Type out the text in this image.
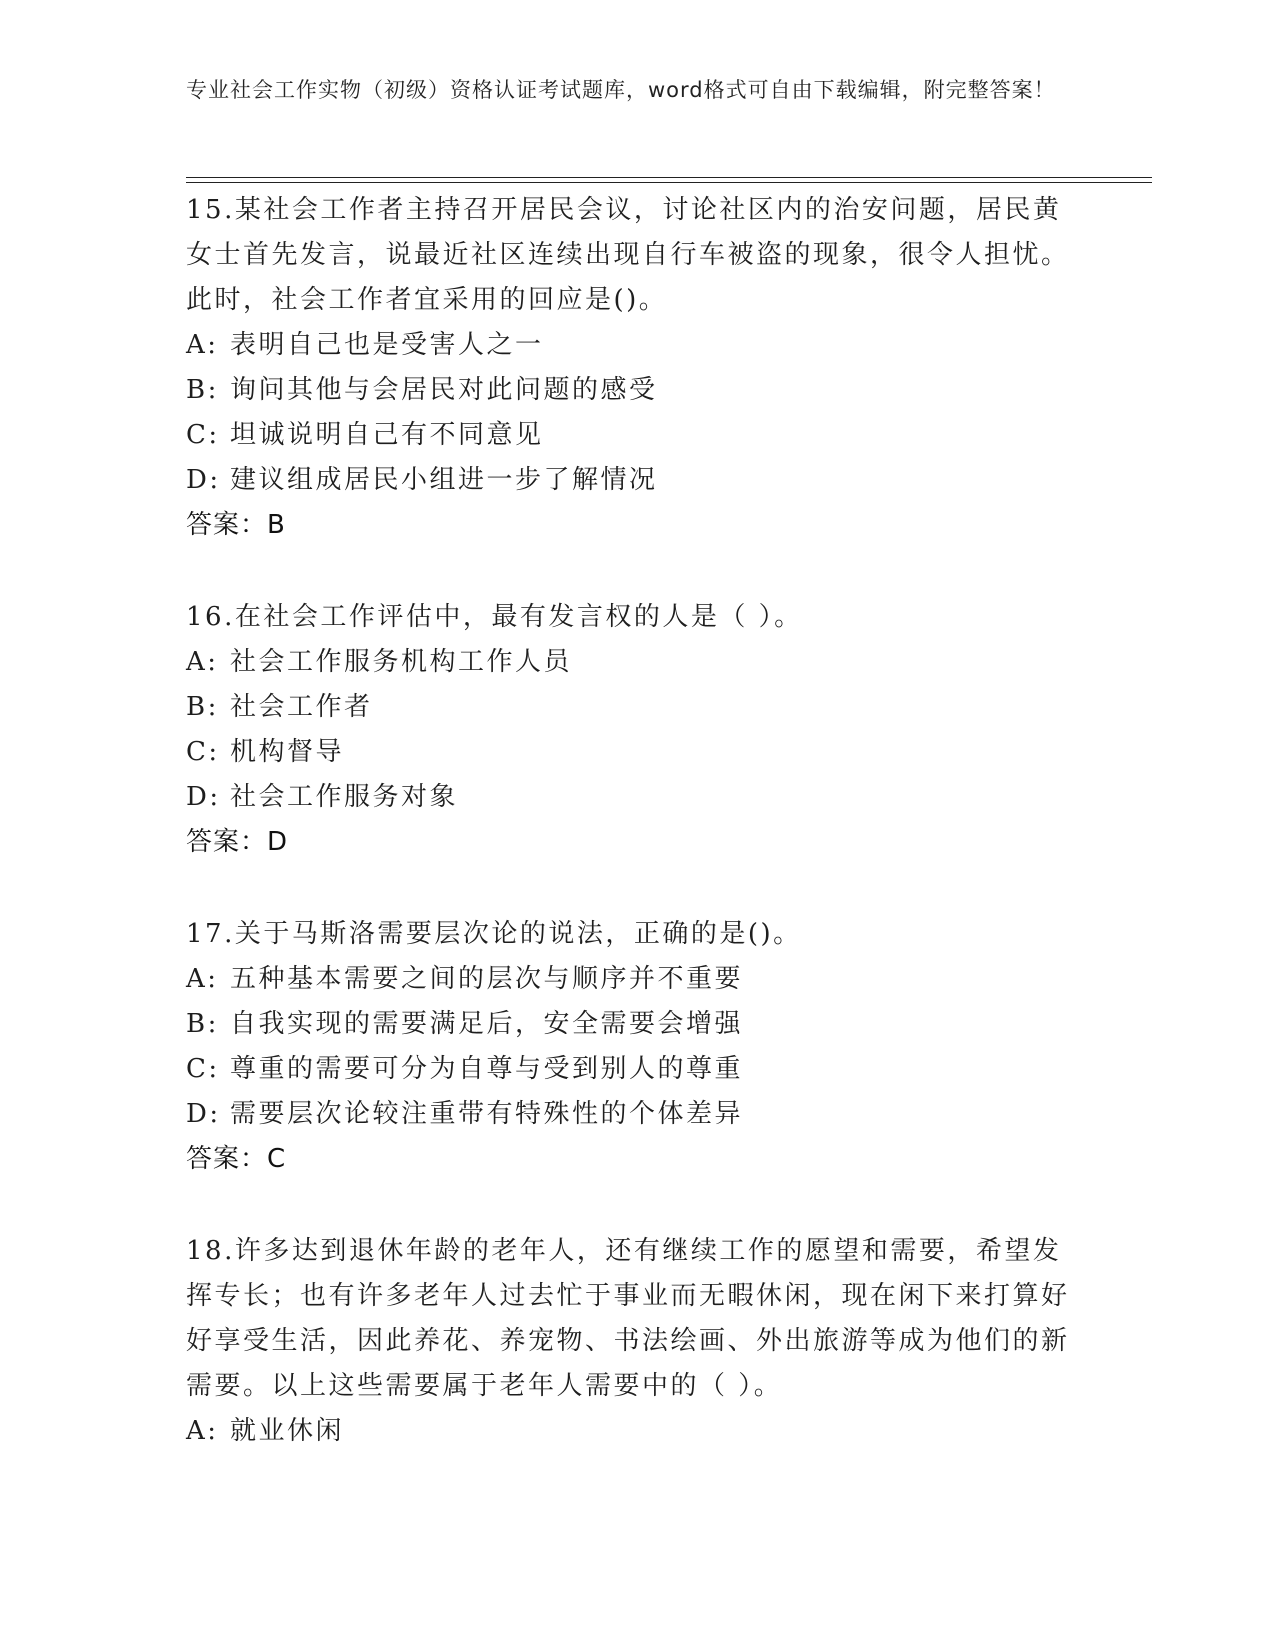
专业社会工作实物（初级）资格认证考试题库，word格式可自由下载编辑，附完整答案！
15.某社会工作者主持召开居民会议，讨论社区内的治安问题，居民黄女士首先发言，说最近社区连续出现自行车被盗的现象，很令人担忧。此时，社会工作者宜采用的回应是()。
A: 表明自己也是受害人之一
B: 询问其他与会居民对此问题的感受
C: 坦诚说明自己有不同意见
D: 建议组成居民小组进一步了解情况
答案：B
16.在社会工作评估中，最有发言权的人是（ ）。
A: 社会工作服务机构工作人员
B: 社会工作者
C: 机构督导
D: 社会工作服务对象
答案：D
17.关于马斯洛需要层次论的说法，正确的是()。
A: 五种基本需要之间的层次与顺序并不重要
B: 自我实现的需要满足后，安全需要会增强
C: 尊重的需要可分为自尊与受到别人的尊重
D: 需要层次论较注重带有特殊性的个体差异
答案：C
18.许多达到退休年龄的老年人，还有继续工作的愿望和需要，希望发挥专长；也有许多老年人过去忙于事业而无暇休闲，现在闲下来打算好好享受生活，因此养花、养宠物、书法绘画、外出旅游等成为他们的新需要。以上这些需要属于老年人需要中的（ ）。
A: 就业休闲
